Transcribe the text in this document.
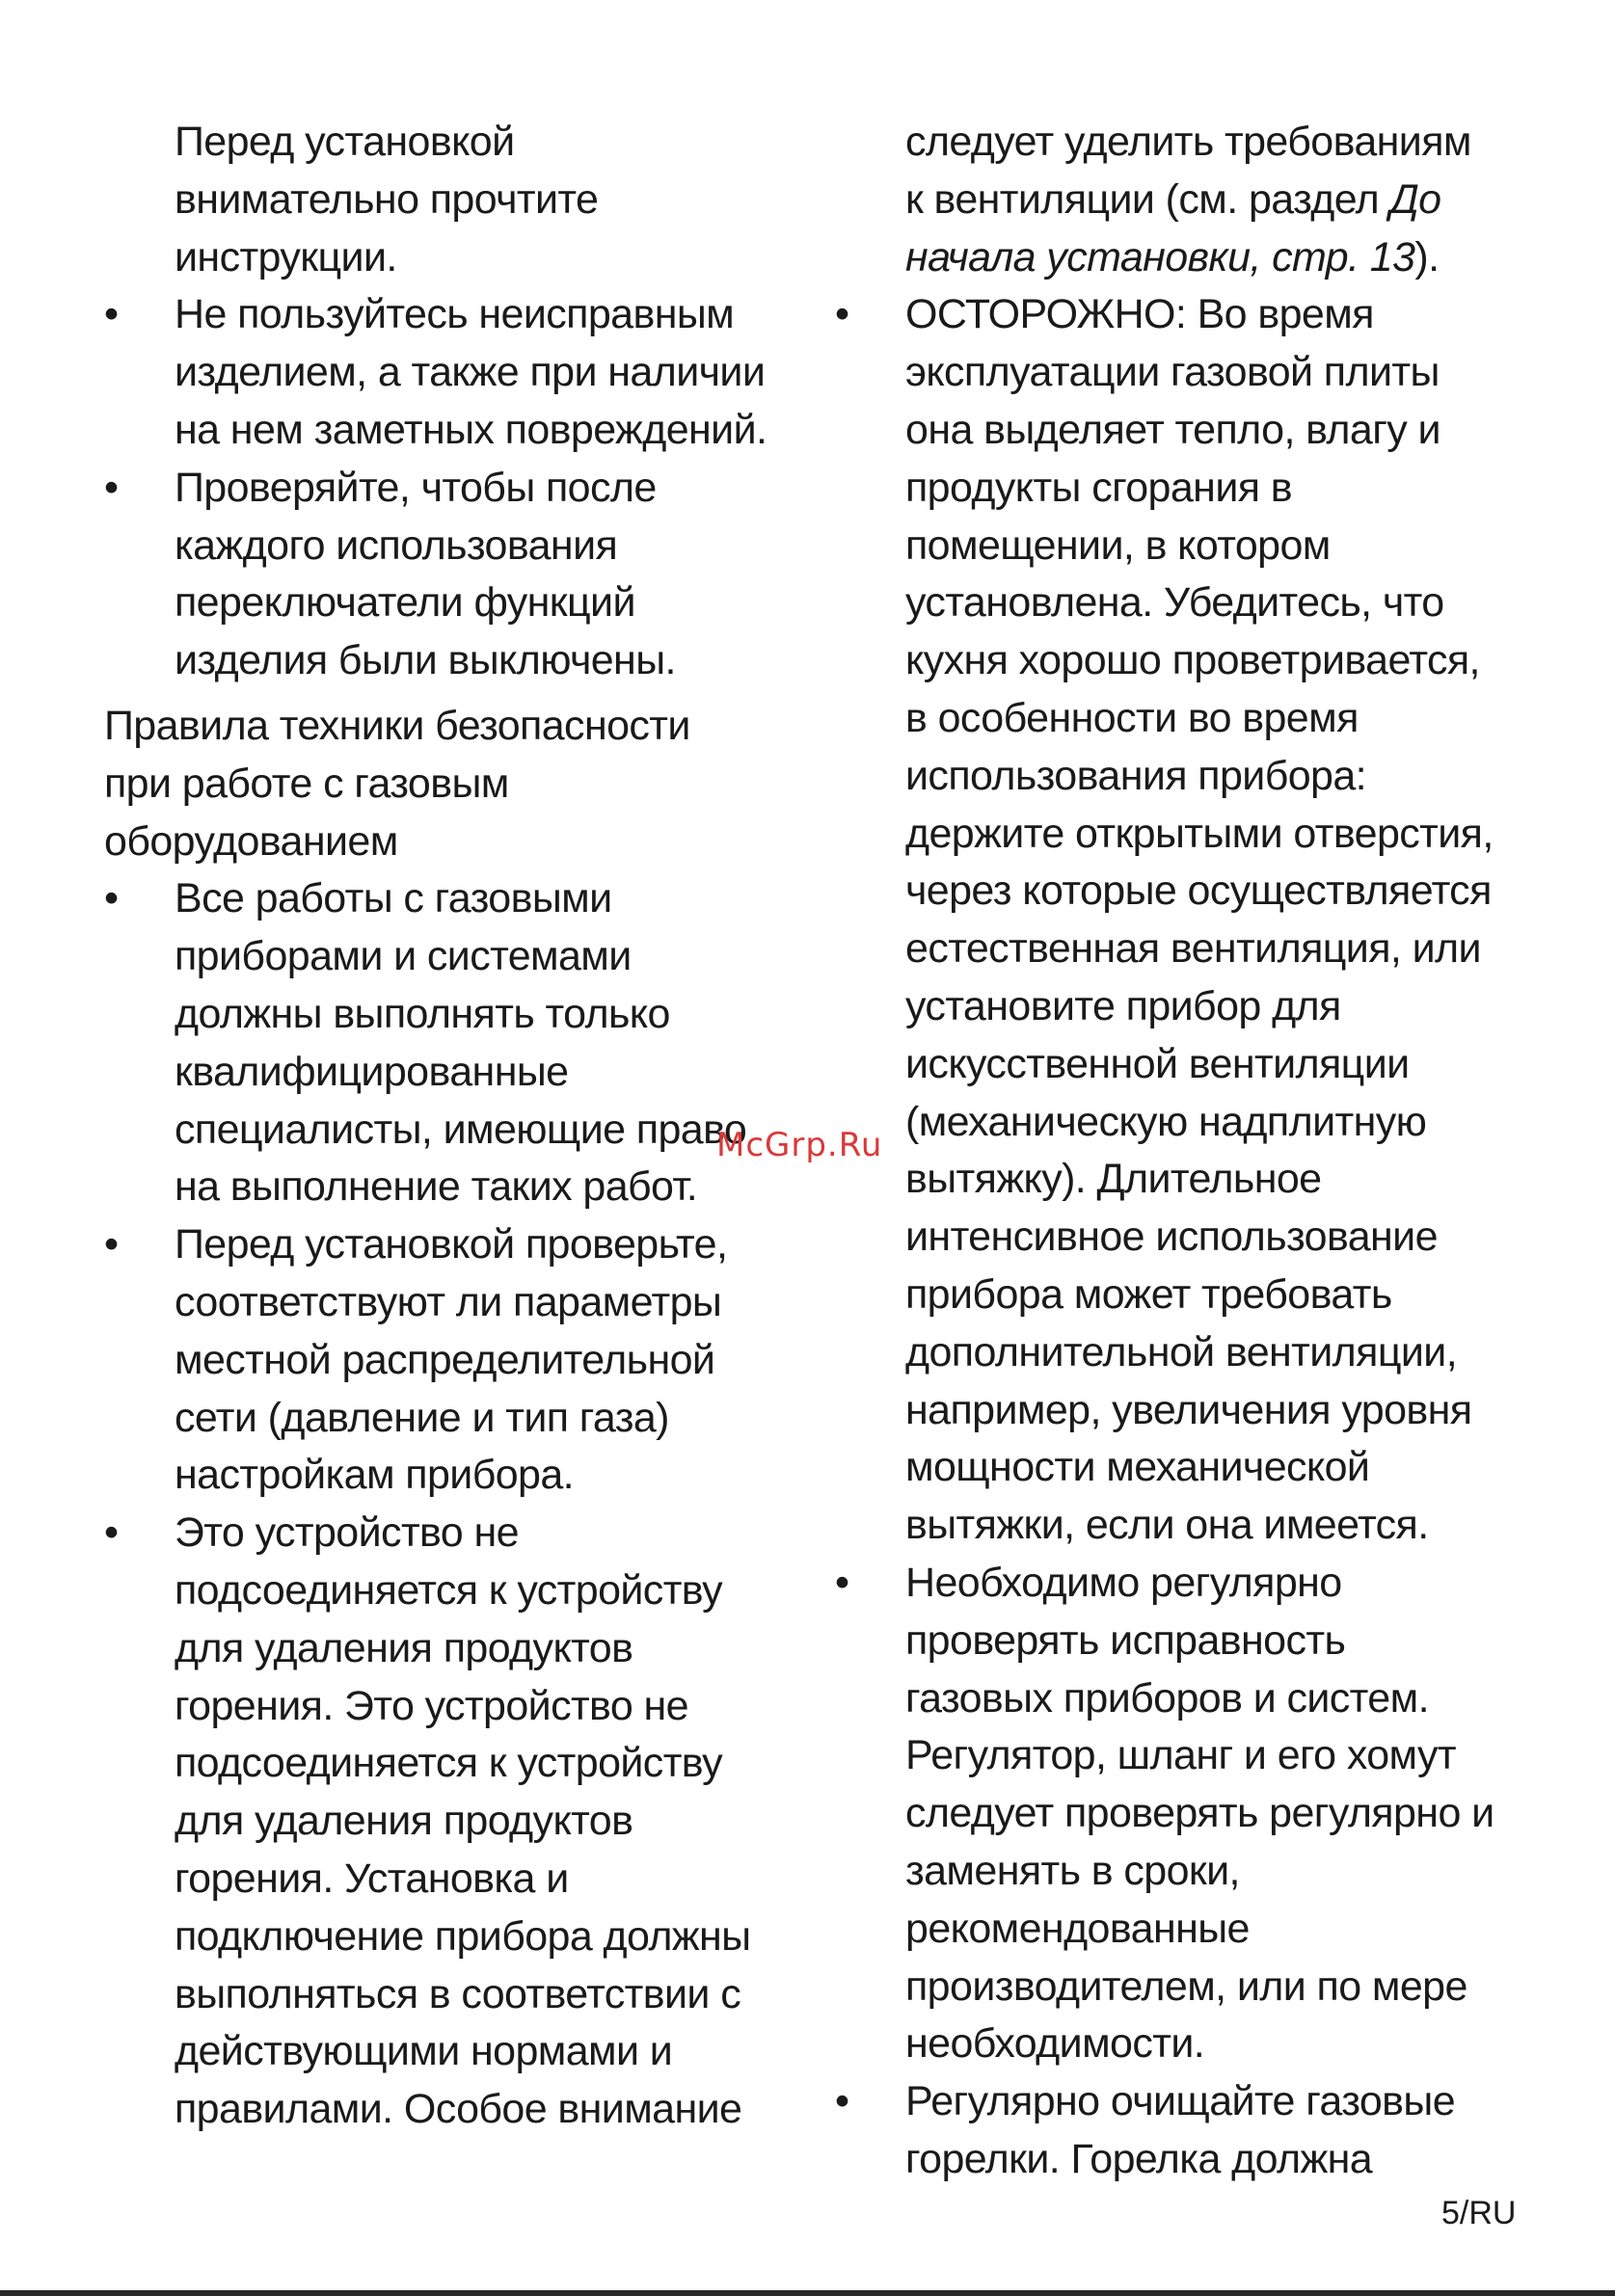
Перед установкой
внимательно прочтите
инструкции.
• Не пользуйтесь неисправным
изделием, а также при наличии
на нем заметных повреждений.
• Проверяйте, чтобы после
каждого использования
переключатели функций
изделия были выключены.
Правила техники безопасности
при работе с газовым
оборудованием
• Все работы с газовыми
приборами и системами
должны выполнять только
квалифицированные
специалисты, имеющие право
на выполнение таких работ.
• Перед установкой проверьте,
соответствуют ли параметры
местной распределительной
сети (давление и тип газа)
настройкам прибора.
• Это устройство не
подсоединяется к устройству
для удаления продуктов
горения. Это устройство не
подсоединяется к устройству
для удаления продуктов
горения. Установка и
подключение прибора должны
выполняться в соответствии с
действующими нормами и
правилами. Особое внимание
следует уделить требованиям
к вентиляции (см. раздел До
начала установки, стр. 13).
• ОСТОРОЖНО: Во время
эксплуатации газовой плиты
она выделяет тепло, влагу и
продукты сгорания в
помещении, в котором
установлена. Убедитесь, что
кухня хорошо проветривается,
в особенности во время
использования прибора:
держите открытыми отверстия,
через которые осуществляется
естественная вентиляция, или
установите прибор для
искусственной вентиляции
(механическую надплитную
вытяжку). Длительное
интенсивное использование
прибора может требовать
дополнительной вентиляции,
например, увеличения уровня
мощности механической
вытяжки, если она имеется.
• Необходимо регулярно
проверять исправность
газовых приборов и систем.
Регулятор, шланг и его хомут
следует проверять регулярно и
заменять в сроки,
рекомендованные
производителем, или по мере
необходимости.
• Регулярно очищайте газовые
горелки. Горелка должна
McGrp.Ru
5/RU
